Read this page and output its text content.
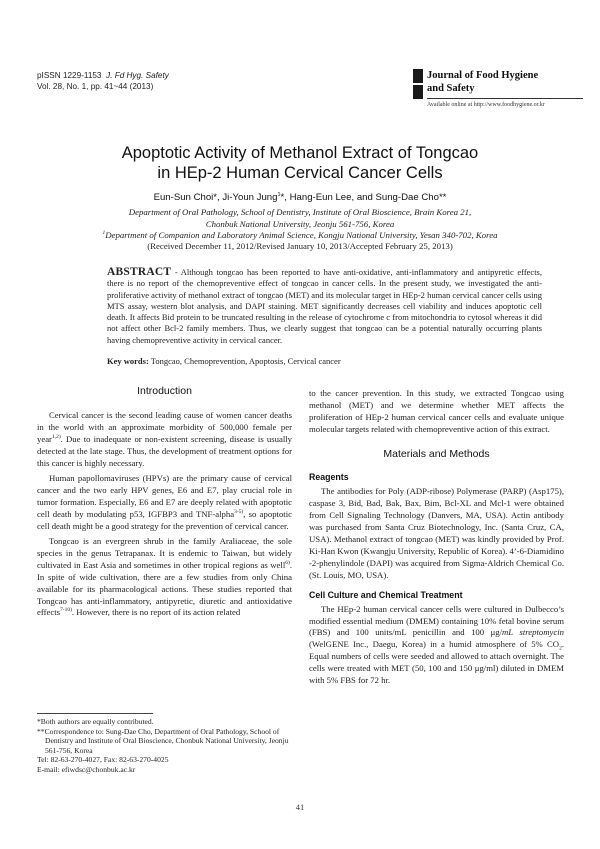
pISSN 1229-1153 J. Fd Hyg. Safety
Vol. 28, No. 1, pp. 41~44 (2013)
Journal of Food Hygiene
and Safety
Available online at http://www.foodhygiene.or.kr
Apoptotic Activity of Methanol Extract of Tongcao
in HEp-2 Human Cervical Cancer Cells
Eun-Sun Choi*, Ji-Youn Jung$^1$*, Hang-Eun Lee, and Sung-Dae Cho**
Department of Oral Pathology, School of Dentistry, Institute of Oral Bioscience, Brain Korea 21,
Chonbuk National University, Jeonju 561-756, Korea
$^1$Department of Companion and Laboratory Animal Science, Kongju National University, Yesan 340-702, Korea
(Received December 11, 2012/Revised January 10, 2013/Accepted February 25, 2013)
ABSTRACT - Although tongcao has been reported to have anti-oxidative, anti-inflammatory and antipyretic effects, there is no report of the chemopreventive effect of tongcao in cancer cells. In the present study, we investigated the anti-proliferative activity of methanol extract of tongcao (MET) and its molecular target in HEp-2 human cervical cancer cells using MTS assay, western blot analysis, and DAPI staining. MET significantly decreases cell viability and induces apoptotic cell death. It affects Bid protein to be truncated resulting in the release of cytochrome c from mitochondria to cytosol whereas it did not affect other Bcl-2 family members. Thus, we clearly suggest that tongcao can be a potential naturally occurring plants having chemopreventive activity in cervical cancer.
Key words: Tongcao, Chemoprevention, Apoptosis, Cervical cancer
Introduction

Cervical cancer is the second leading cause of women cancer deaths in the world with an approximate morbidity of 500,000 female per year$^{1,2)}$. Due to inadequate or non-existent screening, disease is usually detected at the late stage. Thus, the development of treatment options for this cancer is highly necessary.

Human papollomaviruses (HPVs) are the primary cause of cervical cancer and the two early HPV genes, E6 and E7, play crucial role in tumor formation. Especially, E6 and E7 are deeply related with apoptotic cell death by modulating p53, IGFBP3 and TNF-alpha$^{3-5)}$, so apoptotic cell death might be a good strategy for the prevention of cervical cancer.

Tongcao is an evergreen shrub in the family Araliaceae, the sole species in the genus Tetrapanax. It is endemic to Taiwan, but widely cultivated in East Asia and sometimes in other tropical regions as well$^{6)}$. In spite of wide cultivation, there are a few studies from only China available for its pharmacological actions. These studies reported that Tongcao has anti-inflammatory, antipyretic, diuretic and antioxidative effects$^{7-10)}$. However, there is no report of its action related

to the cancer prevention. In this study, we extracted Tongcao using methanol (MET) and we determine whether MET affects the proliferation of HEp-2 human cervical cancer cells and evaluate unique molecular targets related with chemopreventive action of this extract.

Materials and Methods
Reagents

The antibodies for Poly (ADP-ribose) Polymerase (PARP) (Asp175), caspase 3, Bid, Bad, Bak, Bax, Bim, Bcl-XL and Mcl-1 were obtained from Cell Signaling Technology (Danvers, MA, USA). Actin antibody was purchased from Santa Cruz Biotechnology, Inc. (Santa Cruz, CA, USA). Methanol extract of tongcao (MET) was kindly provided by Prof. Ki-Han Kwon (Kwangju University, Republic of Korea). 4’-6-Diamidino -2-phenylindole (DAPI) was acquired from Sigma-Aldrich Chemical Co. (St. Louis, MO, USA).

Cell Culture and Chemical Treatment

The HEp-2 human cervical cancer cells were cultured in Dulbecco’s modified essential medium (DMEM) containing 10% fetal bovine serum (FBS) and 100 units/mL penicillin and 100 μg/mL streptomycin (WelGENE Inc., Daegu, Korea) in a humid atmosphere of 5% $CO_2$. Equal numbers of cells were seeded and allowed to attach overnight. The cells were treated with MET (50, 100 and 150 μg/ml) diluted in DMEM with 5% FBS for 72 hr.

*Both authors are equally contributed.
**Correspondence to: Sung-Dae Cho, Department of Oral Pathology, School of Dentistry and Institute of Oral Bioscience, Chonbuk National University, Jeonju 561-756, Korea
Tel: 82-63-270-4027, Fax: 82-63-270-4025
E-mail: efiwdsc@chonbuk.ac.kr
41
